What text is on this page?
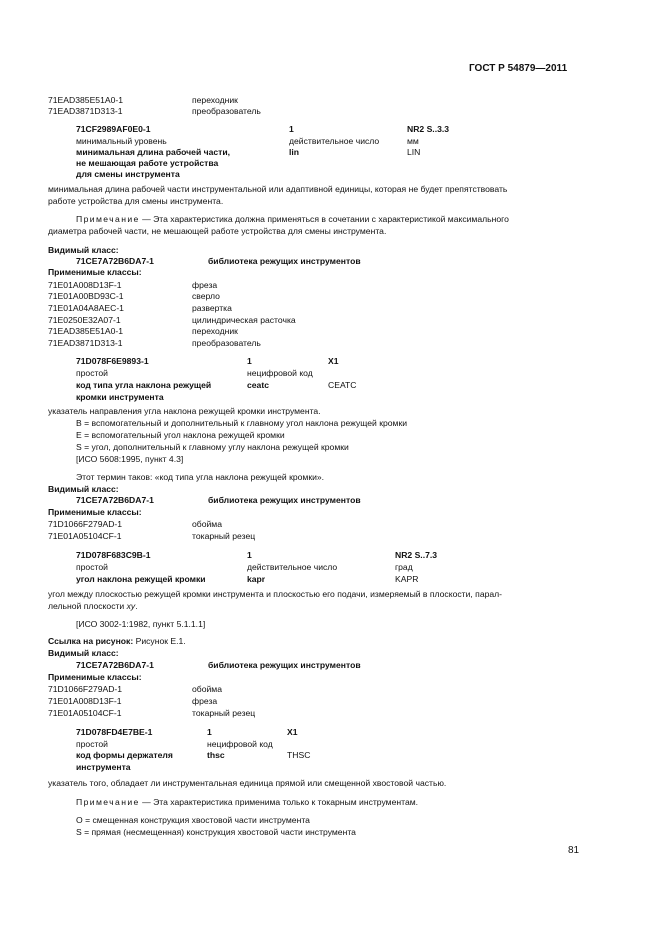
ГОСТ Р 54879—2011
71EAD385E51A0-1	переходник
71EAD3871D313-1	преобразователь
71CF2989AF0E0-1	1	NR2 S..3.3
минимальный уровень	действительное число	мм
минимальная длина рабочей части,	lin	LIN
не мешающая работе устройства
для смены инструмента
минимальная длина рабочей части инструментальной или адаптивной единицы, которая не будет препятствовать
работе устройства для смены инструмента.
Примечание — Эта характеристика должна применяться в сочетании с характеристикой максимального
диаметра рабочей части, не мешающей работе устройства для смены инструмента.
Видимый класс:
71CE7A72B6DA7-1	библиотека режущих инструментов
Применимые классы:
71E01A008D13F-1	фреза
71E01A00BD93C-1	сверло
71E01A04A8AEC-1	развертка
71E0250E32A07-1	цилиндрическая расточка
71EAD385E51A0-1	переходник
71EAD3871D313-1	преобразователь
71D078F6E9893-1	1	X1
простой	нецифровой код
код типа угла наклона режущей	ceatc	CEATC
кромки инструмента
указатель направления угла наклона режущей кромки инструмента.
B = вспомогательный и дополнительный к главному угол наклона режущей кромки
E = вспомогательный угол наклона режущей кромки
S = угол, дополнительный к главному углу наклона режущей кромки
[ИСО 5608:1995, пункт 4.3]
Этот термин таков: «код типа угла наклона режущей кромки».
Видимый класс:
71CE7A72B6DA7-1	библиотека режущих инструментов
Применимые классы:
71D1066F279AD-1	обойма
71E01A05104CF-1	токарный резец
71D078F683C9B-1	1	NR2 S..7.3
простой	действительное число	град
угол наклона режущей кромки	kapr	KAPR
угол между плоскостью режущей кромки инструмента и плоскостью его подачи, измеряемый в плоскости, парал-
лельной плоскости xy.
[ИСО 3002-1:1982, пункт 5.1.1.1]
Ссылка на рисунок: Рисунок Е.1.
Видимый класс:
71CE7A72B6DA7-1	библиотека режущих инструментов
Применимые классы:
71D1066F279AD-1	обойма
71E01A008D13F-1	фреза
71E01A05104CF-1	токарный резец
71D078FD4E7BE-1	1	X1
простой	нецифровой код
код формы держателя	thsc	THSC
инструмента
указатель того, обладает ли инструментальная единица прямой или смещенной хвостовой частью.
Примечание — Эта характеристика применима только к токарным инструментам.
O = смещенная конструкция хвостовой части инструмента
S = прямая (несмещенная) конструкция хвостовой части инструмента
81
